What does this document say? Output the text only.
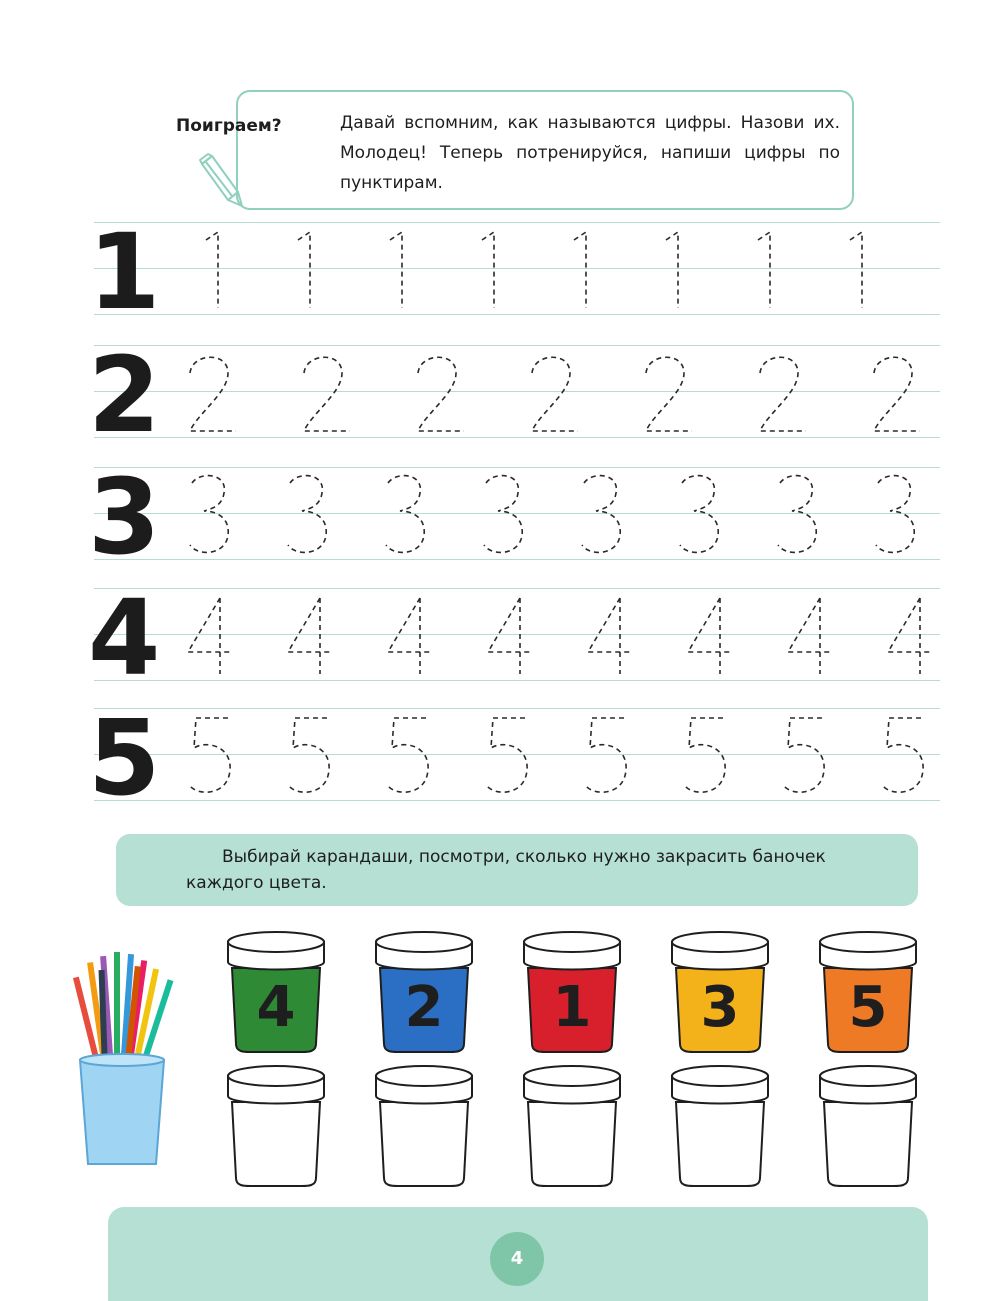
Поиграем?	Давай вспомним, как называются цифры. Назови их. Молодец! Теперь потренируйся, напиши цифры по пунктирам.

1
2
3
4
5

Выбирай карандаши, посмотри, сколько нужно закрасить баночек каждого цвета.

4	2	1	3	5
4
